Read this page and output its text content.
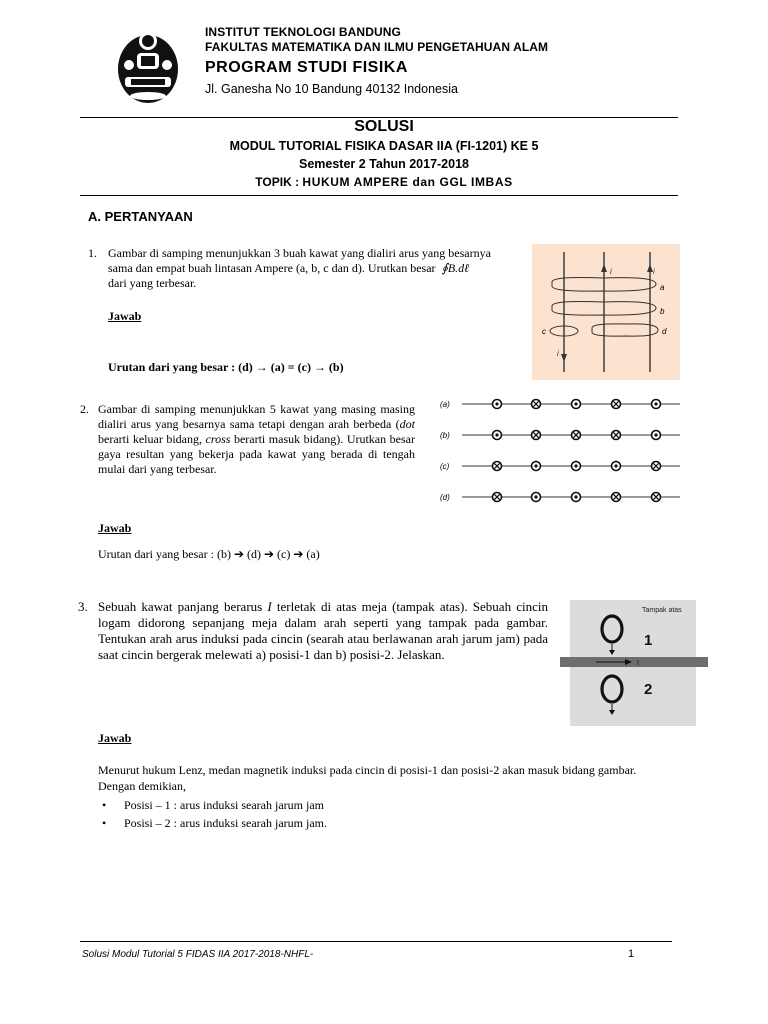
INSTITUT TEKNOLOGI BANDUNG
FAKULTAS MATEMATIKA DAN ILMU PENGETAHUAN ALAM
PROGRAM STUDI FISIKA
Jl. Ganesha No 10 Bandung 40132 Indonesia
SOLUSI
MODUL TUTORIAL FISIKA DASAR IIA (FI-1201) KE 5
Semester 2 Tahun 2017-2018
TOPIK : HUKUM AMPERE dan GGL IMBAS
A. PERTANYAAN
1. Gambar di samping menunjukkan 3 buah kawat yang dialiri arus yang besarnya
sama dan empat buah lintasan Ampere (a, b, c dan d). Urutkan besar ∮B.dℓ
dari yang terbesar.
Jawab
Urutan dari yang besar : (d) → (a) = (c) → (b)
i	i
i
a
b
c	d
2. Gambar di samping menunjukkan 5 kawat yang masing masing dialiri arus yang besarnya sama tetapi dengan arah berbeda (dot berarti keluar bidang, cross berarti masuk bidang). Urutkan besar gaya resultan yang bekerja pada kawat yang berada di tengah mulai dari yang terbesar.
Jawab
Urutan dari yang besar : (b) ➔ (d) ➔ (c) ➔ (a)
(a)
(b)
(c)
(d)
3. Sebuah kawat panjang berarus I terletak di atas meja (tampak atas). Sebuah cincin logam didorong sepanjang meja dalam arah seperti yang tampak pada gambar. Tentukan arah arus induksi pada cincin (searah atau berlawanan arah jarum jam) pada saat cincin bergerak melewati a) posisi-1 dan b) posisi-2. Jelaskan.
Tampak atas
I
1
2
Jawab
Menurut hukum Lenz, medan magnetik induksi pada cincin di posisi-1 dan posisi-2 akan masuk bidang gambar.
Dengan demikian,
• Posisi – 1 : arus induksi searah jarum jam
• Posisi – 2 : arus induksi searah jarum jam.
Solusi Modul Tutorial 5 FIDAS IIA 2017-2018-NHFL-	1
